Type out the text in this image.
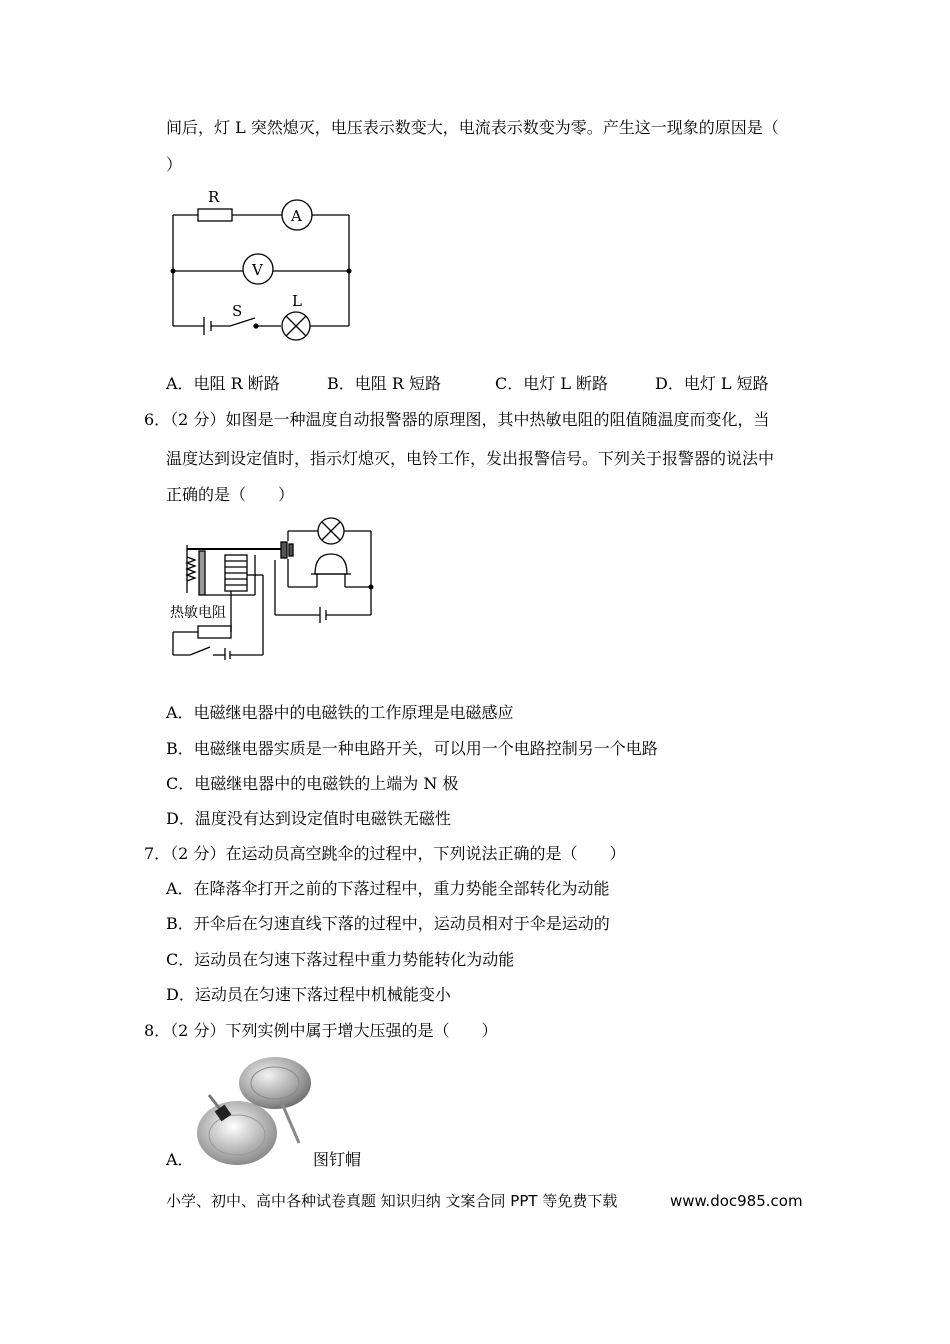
间后，灯 L 突然熄灭，电压表示数变大，电流表示数变为零。产生这一现象的原因是（
）
R
A
V
S
L
A．电阻 R 断路	B．电阻 R 短路	C．电灯 L 断路	D．电灯 L 短路
6．（2 分）如图是一种温度自动报警器的原理图，其中热敏电阻的阻值随温度而变化，当
温度达到设定值时，指示灯熄灭，电铃工作，发出报警信号。下列关于报警器的说法中
正确的是（　　）
热敏电阻
A．电磁继电器中的电磁铁的工作原理是电磁感应
B．电磁继电器实质是一种电路开关，可以用一个电路控制另一个电路
C．电磁继电器中的电磁铁的上端为 N 极
D．温度没有达到设定值时电磁铁无磁性
7．（2 分）在运动员高空跳伞的过程中，下列说法正确的是（　　）
A．在降落伞打开之前的下落过程中，重力势能全部转化为动能
B．开伞后在匀速直线下落的过程中，运动员相对于伞是运动的
C．运动员在匀速下落过程中重力势能转化为动能
D．运动员在匀速下落过程中机械能变小
8．（2 分）下列实例中属于增大压强的是（　　）
A．	图钉帽
小学、初中、高中各种试卷真题 知识归纳 文案合同 PPT 等免费下载	www.doc985.com
